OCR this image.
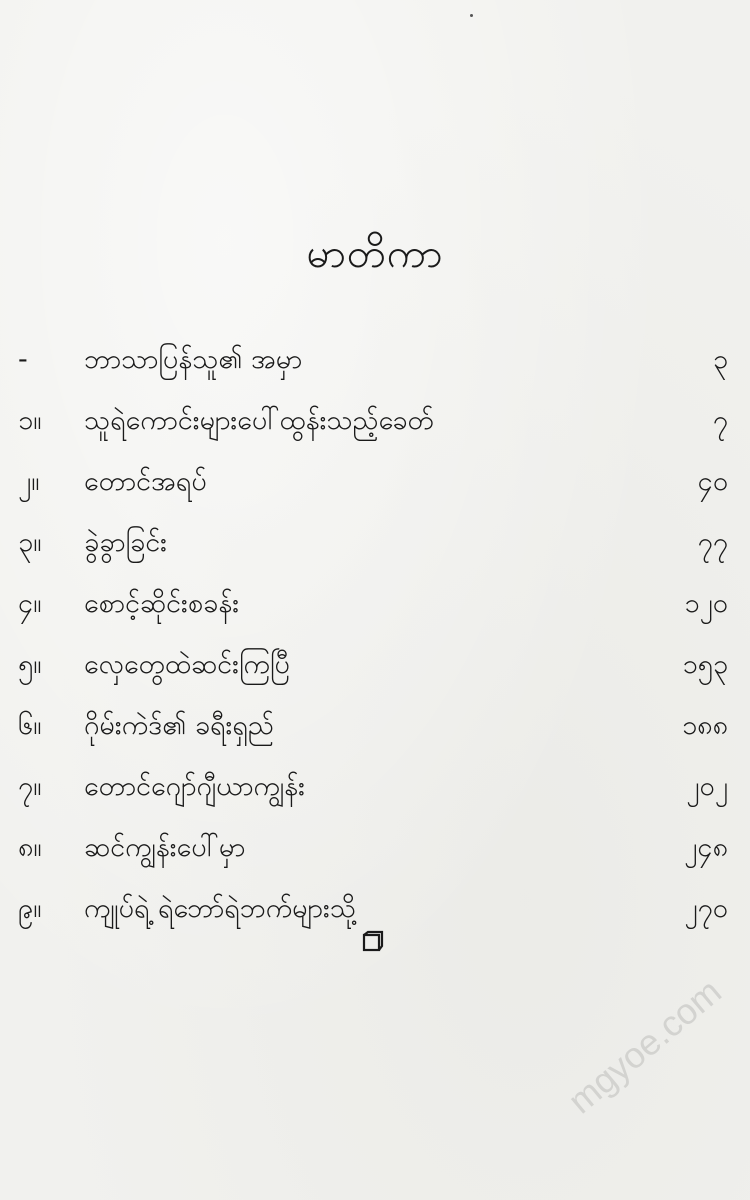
မာတိကာ
-	ဘာသာပြန်သူ၏ အမှာ	၃
၁။	သူရဲကောင်းများပေါ်ထွန်းသည့်ခေတ်	၇
၂။	တောင်အရပ်	၄၀
၃။	ခွဲခွာခြင်း	၇၇
၄။	စောင့်ဆိုင်းစခန်း	၁၂၀
၅။	လှေတွေထဲဆင်းကြပြီ	၁၅၃
၆။	ဂိုမ်းကဲဒ်၏ ခရီးရှည်	၁၈၈
၇။	တောင်ဂျော်ဂျီယာကျွန်း	၂၀၂
၈။	ဆင်ကျွန်းပေါ်မှာ	၂၄၈
၉။	ကျုပ်ရဲ့ ရဲဘော်ရဲဘက်များသို့	၂၇၀
mgyoe.com
